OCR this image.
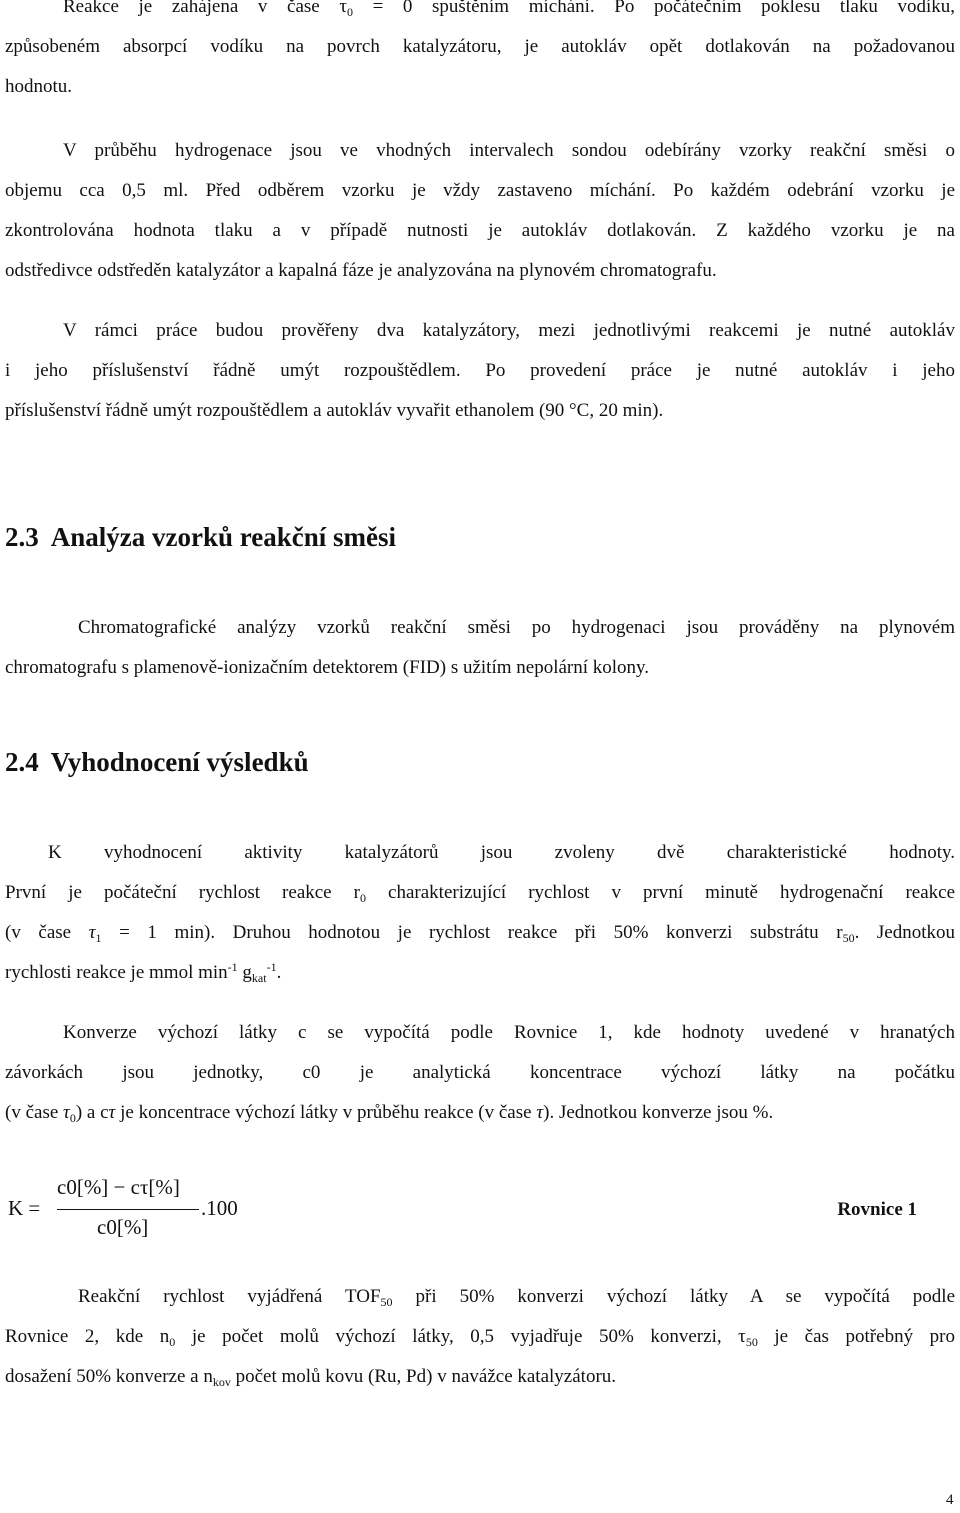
Reakce je zahájena v čase $\tau_0 = 0$ spuštěním míchání. Po počátečním poklesu tlaku vodíku,
způsobeném absorpcí vodíku na povrch katalyzátoru, je autokláv opět dotlakován na požadovanou
hodnotu.
V průběhu hydrogenace jsou ve vhodných intervalech sondou odebírány vzorky reakční směsi o
objemu cca 0,5 ml. Před odběrem vzorku je vždy zastaveno míchání. Po každém odebrání vzorku je
zkontrolována hodnota tlaku a v případě nutnosti je autokláv dotlakován. Z každého vzorku je na
odstředivce odstředěn katalyzátor a kapalná fáze je analyzována na plynovém chromatografu.
V rámci práce budou prověřeny dva katalyzátory, mezi jednotlivými reakcemi je nutné autokláv
i jeho příslušenství řádně umýt rozpouštědlem. Po provedení práce je nutné autokláv i jeho
příslušenství řádně umýt rozpouštědlem a autokláv vyvařit ethanolem (90 °C, 20 min).
2.3 Analýza vzorků reakční směsi
Chromatografické analýzy vzorků reakční směsi po hydrogenaci jsou prováděny na plynovém
chromatografu s plamenově-ionizačním detektorem (FID) s užitím nepolární kolony.
2.4 Vyhodnocení výsledků
K vyhodnocení aktivity katalyzátorů jsou zvoleny dvě charakteristické hodnoty.
První je počáteční rychlost reakce $r_0$ charakterizující rychlost v první minutě hydrogenační reakce
(v čase $\tau_1 = 1$ min). Druhou hodnotou je rychlost reakce při 50% konverzi substrátu $r_{50}$. Jednotkou
rychlosti reakce je mmol $\min^{-1} g_{kat}^{-1}$.
Konverze výchozí látky c se vypočítá podle Rovnice 1, kde hodnoty uvedené v hranatých
závorkách jsou jednotky, c0 je analytická koncentrace výchozí látky na počátku
(v čase $\tau_0$) a cτ je koncentrace výchozí látky v průběhu reakce (v čase τ). Jednotkou konverze jsou %.
K =
c0[%] − cτ[%]
c0[%]
.100	Rovnice 1
Reakční rychlost vyjádřená $TOF_{50}$ při 50% konverzi výchozí látky A se vypočítá podle
Rovnice 2, kde $n_0$ je počet molů výchozí látky, 0,5 vyjadřuje 50% konverzi, $\tau_{50}$ je čas potřebný pro
dosažení 50% konverze a $n_{kov}$ počet molů kovu (Ru, Pd) v navážce katalyzátoru.
4
